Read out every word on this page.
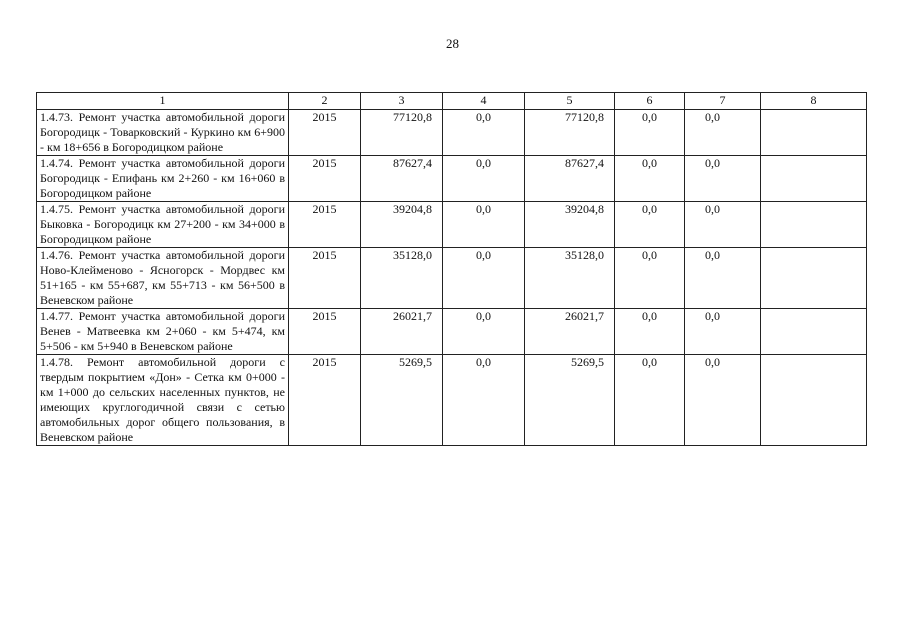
28
1	2	3	4	5	6	7	8
1.4.73. Ремонт участка автомобильной дороги Богородицк - Товарковский - Куркино км 6+900 - км 18+656 в Богородицком районе	2015	77120,8	0,0	77120,8	0,0	0,0	
1.4.74. Ремонт участка автомобильной дороги Богородицк - Епифань км 2+260 - км 16+060 в Богородицком районе	2015	87627,4	0,0	87627,4	0,0	0,0	
1.4.75. Ремонт участка автомобильной дороги Быковка - Богородицк км 27+200 - км 34+000 в Богородицком районе	2015	39204,8	0,0	39204,8	0,0	0,0	
1.4.76. Ремонт участка автомобильной дороги Ново-Клейменово - Ясногорск - Мордвес км 51+165 - км 55+687, км 55+713 - км 56+500 в Веневском районе	2015	35128,0	0,0	35128,0	0,0	0,0	
1.4.77. Ремонт участка автомобильной дороги Венев - Матвеевка км 2+060 - км 5+474, км 5+506 - км 5+940 в Веневском районе	2015	26021,7	0,0	26021,7	0,0	0,0	
1.4.78. Ремонт автомобильной дороги с твердым покрытием «Дон» - Сетка км 0+000 - км 1+000 до сельских населенных пунктов, не имеющих круглогодичной связи с сетью автомобильных дорог общего пользования, в Веневском районе	2015	5269,5	0,0	5269,5	0,0	0,0	
